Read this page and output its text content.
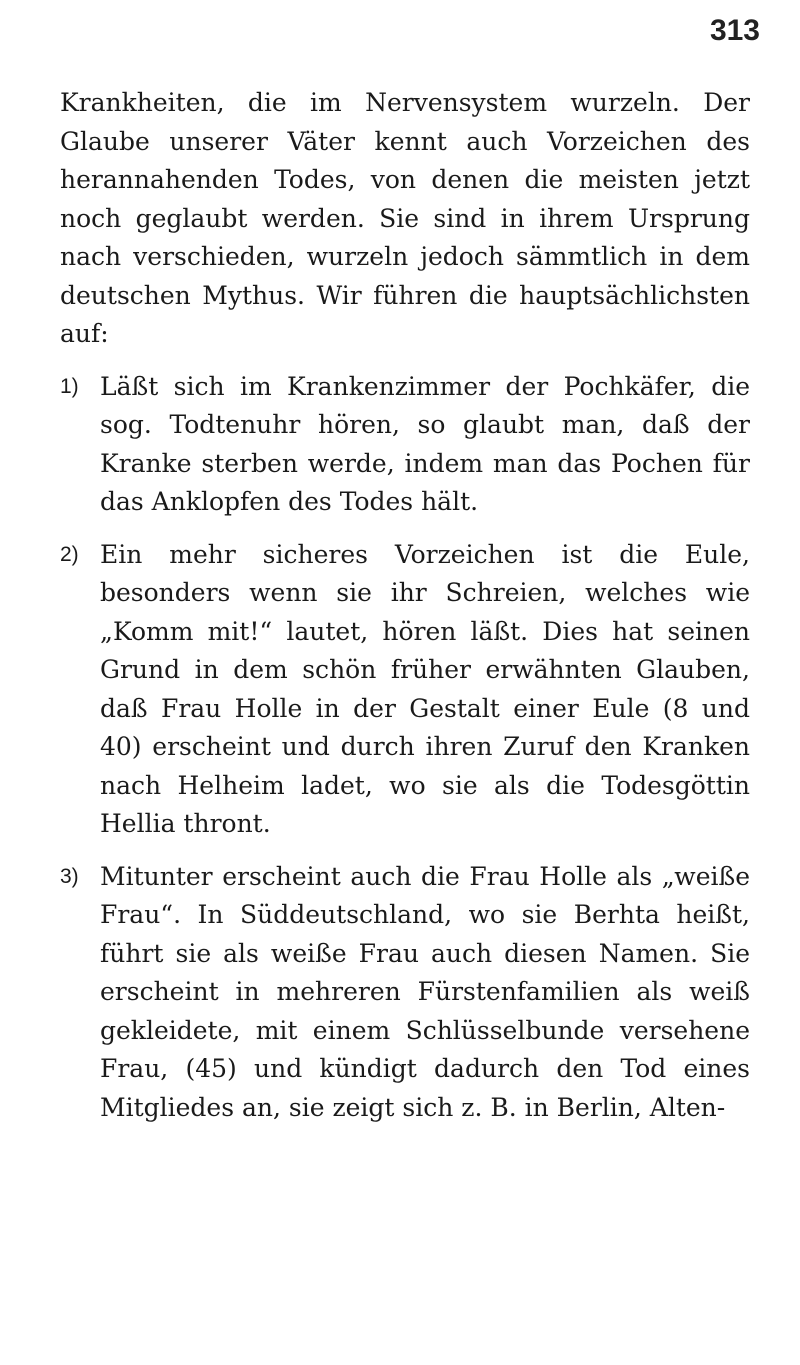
313

Krankheiten, die im Nervensystem wurzeln. Der Glaube unserer Väter kennt auch Vorzeichen des herannahenden Todes, von denen die meisten jetzt noch geglaubt werden. Sie sind in ihrem Ursprung nach verschieden, wurzeln jedoch sämmtlich in dem deutschen Mythus. Wir führen die hauptsächlichsten auf:

1) Läßt sich im Krankenzimmer der Pochkäfer, die sog. Todtenuhr hören, so glaubt man, daß der Kranke sterben werde, indem man das Pochen für das Anklopfen des Todes hält.

2) Ein mehr sicheres Vorzeichen ist die Eule, besonders wenn sie ihr Schreien, welches wie „Komm mit!“ lautet, hören läßt. Dies hat seinen Grund in dem schön früher erwähnten Glauben, daß Frau Holle in der Gestalt einer Eule (8 und 40) erscheint und durch ihren Zuruf den Kranken nach Helheim ladet, wo sie als die Todesgöttin Hellia thront.

3) Mitunter erscheint auch die Frau Holle als „weiße Frau“. In Süddeutschland, wo sie Berhta heißt, führt sie als weiße Frau auch diesen Namen. Sie erscheint in mehreren Fürstenfamilien als weiß gekleidete, mit einem Schlüsselbunde versehene Frau, (45) und kündigt dadurch den Tod eines Mitgliedes an, sie zeigt sich z. B. in Berlin, Alten-
